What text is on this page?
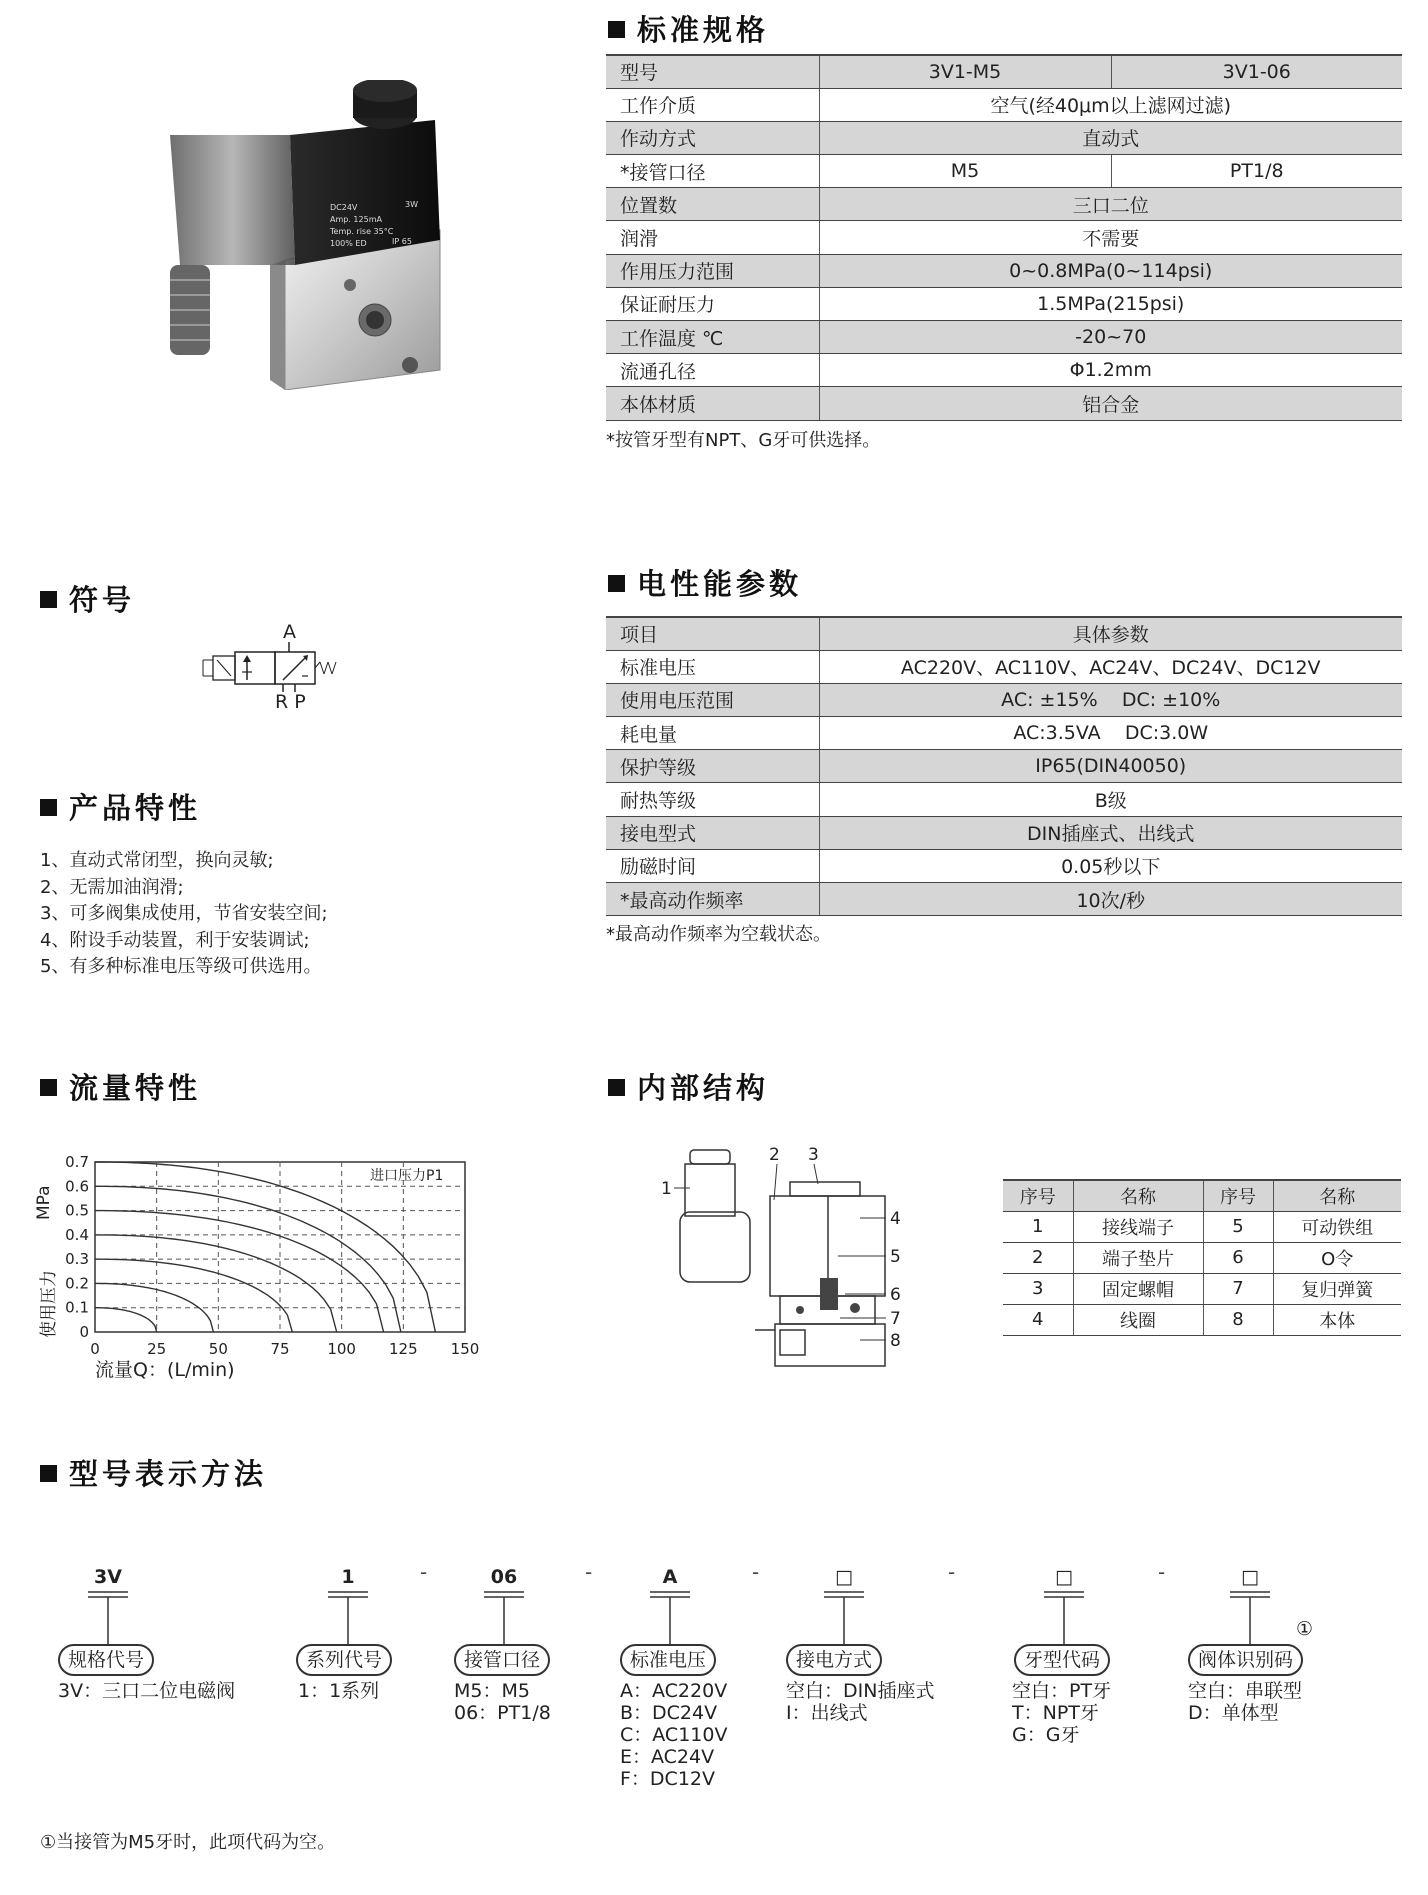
DC24V	3W
Amp. 125mA
Temp. rise 35°C
100% ED	IP 65
标准规格
型号	3V1-M5	3V1-06
工作介质	空气(经40μm以上滤网过滤)	
作动方式	直动式	
*接管口径	M5	PT1/8
位置数	三口二位	
润滑	不需要	
作用压力范围	0~0.8MPa(0~114psi)	
保证耐压力	1.5MPa(215psi)	
工作温度 ℃	-20~70	
流通孔径	Φ1.2mm	
本体材质	铝合金	
*按管牙型有NPT、G牙可供选择。
符号
A
R P
电性能参数
项目	具体参数
标准电压	AC220V、AC110V、AC24V、DC24V、DC12V
使用电压范围	AC: ±15%    DC: ±10%
耗电量	AC:3.5VA    DC:3.0W
保护等级	IP65(DIN40050)
耐热等级	B级
接电型式	DIN插座式、出线式
励磁时间	0.05秒以下
*最高动作频率	10次/秒
*最高动作频率为空载状态。
产品特性
1、直动式常闭型，换向灵敏;
2、无需加油润滑;
3、可多阀集成使用，节省安装空间;
4、附设手动装置，利于安装调试;
5、有多种标准电压等级可供选用。
流量特性
MPa
使用压力 0
0.1
0.2
0.3
0.4
0.5
0.6
0.7
0	25	50	75	100 125 150
进口压力P1
流量Q：(L/min)
内部结构
1
2 3
4
5
6
7
8
序号	名称	序号	名称
1	接线端子	5	可动铁组
2	端子垫片	6	O令
3	固定螺帽	7	复归弹簧
4	线圈	8	本体
型号表示方法
3V	1	06	A	□	□	□
-	-	-	-	-
①
规格代号	系列代号	接管口径	标准电压	接电方式	牙型代码	阀体识别码
3V：三口二位电磁阀	1：1系列	M5：M5
06：PT1/8
A：AC220V
B：DC24V
C：AC110V
E：AC24V
F：DC12V
空白：DIN插座式
I：出线式
空白：PT牙
T：NPT牙
G：G牙
空白：串联型
D：单体型
①当接管为M5牙时，此项代码为空。
